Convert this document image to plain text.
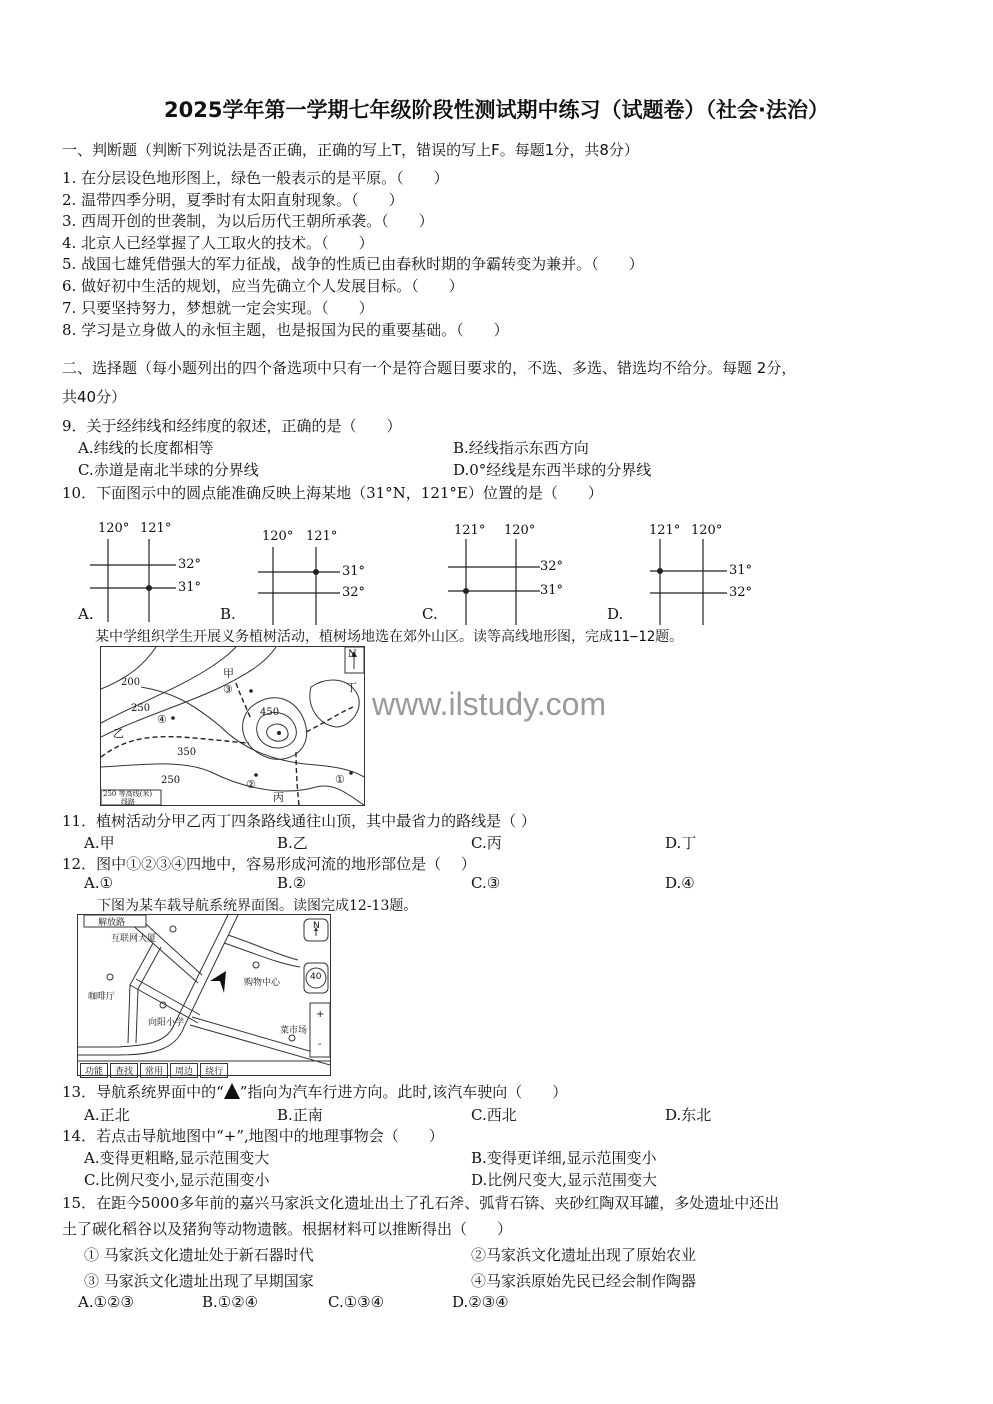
2025学年第一学期七年级阶段性测试期中练习（试题卷）（社会·法治）
一、判断题（判断下列说法是否正确，正确的写上T，错误的写上F。每题1分，共8分）
1. 在分层设色地形图上，绿色一般表示的是平原。（　　）
2. 温带四季分明，夏季时有太阳直射现象。（　　）
3. 西周开创的世袭制，为以后历代王朝所承袭。（　　）
4. 北京人已经掌握了人工取火的技术。（　　）
5. 战国七雄凭借强大的军力征战，战争的性质已由春秋时期的争霸转变为兼并。（　　）
6. 做好初中生活的规划，应当先确立个人发展目标。（　　）
7. 只要坚持努力，梦想就一定会实现。（　　）
8. 学习是立身做人的永恒主题，也是报国为民的重要基础。（　　）
二、选择题（每小题列出的四个备选项中只有一个是符合题目要求的，不选、多选、错选均不给分。每题 2分，
共40分）
9．关于经纬线和经纬度的叙述，正确的是（　　）
A.纬线的长度都相等	B.经线指示东西方向
C.赤道是南北半球的分界线	D.0°经线是东西半球的分界线
10．下面图示中的圆点能准确反映上海某地（31°N，121°E）位置的是（　　）
120° 121°
32°
31°
A.
120° 121°
31°
32°
B.
121° 120°
32°
31°
C.
121° 120°
31°
32°
D.
某中学组织学生开展义务植树活动，植树场地选在郊外山区。读等高线地形图，完成11−12题。
N
200
250
350
450
250
甲
乙
丙
丁
①
②
③
④
250 等高线(米)
线路
www.ilstudy.com
11．植树活动分甲乙丙丁四条路线通往山顶，其中最省力的路线是（ ）
A.甲	B.乙	C.丙	D.丁
12．图中①②③④四地中，容易形成河流的地形部位是（　 ）
A.①	B.②	C.③	D.④
下图为某车载导航系统界面图。读图完成12-13题。
解放路
互联网大厦
咖啡厅
向阳小学
购物中心
菜市场
N
40
+
-
功能	查找	常用	周边	绕行
13．导航系统界面中的“ ”指向为汽车行进方向。此时,该汽车驶向（　　）
A.正北	B.正南	C.西北	D.东北
14．若点击导航地图中“+”,地图中的地理事物会（　　）
A.变得更粗略,显示范围变大	B.变得更详细,显示范围变小
C.比例尺变小,显示范围变小	D.比例尺变大,显示范围变大
15．在距今5000多年前的嘉兴马家浜文化遗址出土了孔石斧、弧背石锛、夹砂红陶双耳罐，多处遗址中还出
土了碳化稻谷以及猪狗等动物遗骸。根据材料可以推断得出（　　）
① 马家浜文化遗址处于新石器时代	②马家浜文化遗址出现了原始农业
③ 马家浜文化遗址出现了早期国家	④马家浜原始先民已经会制作陶器
A.①②③	B.①②④	C.①③④	D.②③④
